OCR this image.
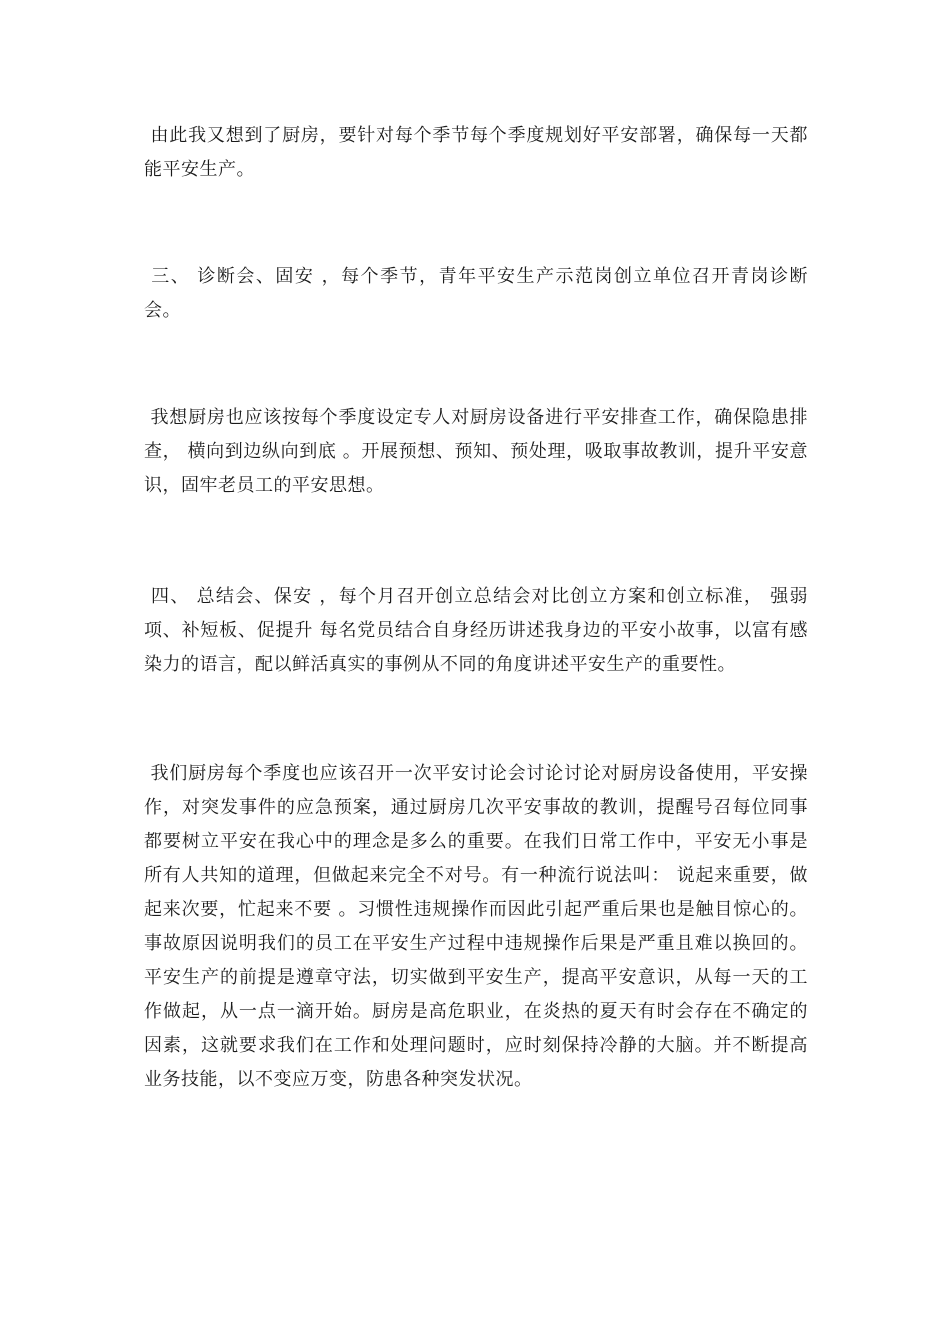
由此我又想到了厨房，要针对每个季节每个季度规划好平安部署，确保每一天都能平安生产。

三、 诊断会、固安 ，每个季节，青年平安生产示范岗创立单位召开青岗诊断会。

我想厨房也应该按每个季度设定专人对厨房设备进行平安排查工作，确保隐患排查， 横向到边纵向到底 。开展预想、预知、预处理，吸取事故教训，提升平安意识，固牢老员工的平安思想。

四、 总结会、保安 ，每个月召开创立总结会对比创立方案和创立标准， 强弱项、补短板、促提升 每名党员结合自身经历讲述我身边的平安小故事，以富有感染力的语言，配以鲜活真实的事例从不同的角度讲述平安生产的重要性。

我们厨房每个季度也应该召开一次平安讨论会讨论讨论对厨房设备使用，平安操作，对突发事件的应急预案，通过厨房几次平安事故的教训，提醒号召每位同事都要树立平安在我心中的理念是多么的重要。在我们日常工作中，平安无小事是所有人共知的道理，但做起来完全不对号。有一种流行说法叫： 说起来重要，做起来次要，忙起来不要 。习惯性违规操作而因此引起严重后果也是触目惊心的。事故原因说明我们的员工在平安生产过程中违规操作后果是严重且难以换回的。平安生产的前提是遵章守法，切实做到平安生产，提高平安意识，从每一天的工作做起，从一点一滴开始。厨房是高危职业，在炎热的夏天有时会存在不确定的因素，这就要求我们在工作和处理问题时，应时刻保持冷静的大脑。并不断提高业务技能，以不变应万变，防患各种突发状况。
